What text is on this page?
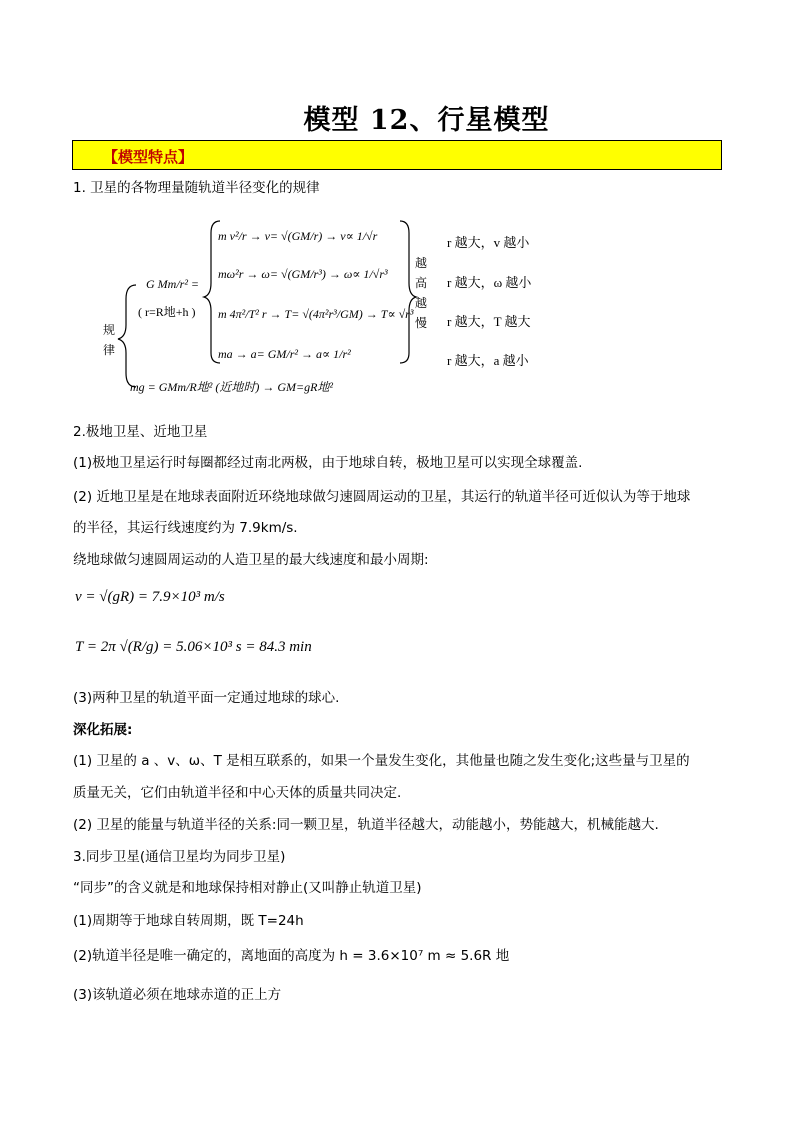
模型 12、行星模型
【模型特点】
1. 卫星的各物理量随轨道半径变化的规律
规
律
G Mm/r² =
( r=R地+h )
m v²/r → v= √(GM/r) → v∝ 1/√r
mω²r → ω= √(GM/r³) → ω∝ 1/√r³
m 4π²/T² r → T= √(4π²r³/GM) → T∝ √r³
ma → a= GM/r² → a∝ 1/r²
越
高
越
慢
mg = GMm/R地² (近地时) → GM=gR地²
r 越大，v 越小
r 越大，ω 越小
r 越大，T 越大
r 越大，a 越小
2.极地卫星、近地卫星
(1)极地卫星运行时每圈都经过南北两极，由于地球自转，极地卫星可以实现全球覆盖.
(2) 近地卫星是在地球表面附近环绕地球做匀速圆周运动的卫星，其运行的轨道半径可近似认为等于地球
的半径，其运行线速度约为 7.9km/s.
绕地球做匀速圆周运动的人造卫星的最大线速度和最小周期:
v = √(gR) = 7.9×10³ m/s
T = 2π √(R/g) = 5.06×10³ s = 84.3 min
(3)两种卫星的轨道平面一定通过地球的球心.
深化拓展:
(1) 卫星的 a 、v、ω、T 是相互联系的，如果一个量发生变化，其他量也随之发生变化;这些量与卫星的
质量无关，它们由轨道半径和中心天体的质量共同决定.
(2) 卫星的能量与轨道半径的关系:同一颗卫星，轨道半径越大，动能越小，势能越大，机械能越大.
3.同步卫星(通信卫星均为同步卫星)
“同步”的含义就是和地球保持相对静止(又叫静止轨道卫星)
(1)周期等于地球自转周期，既 T=24h
(2)轨道半径是唯一确定的，离地面的高度为 h = 3.6×10⁷ m ≈ 5.6R 地
(3)该轨道必须在地球赤道的正上方
